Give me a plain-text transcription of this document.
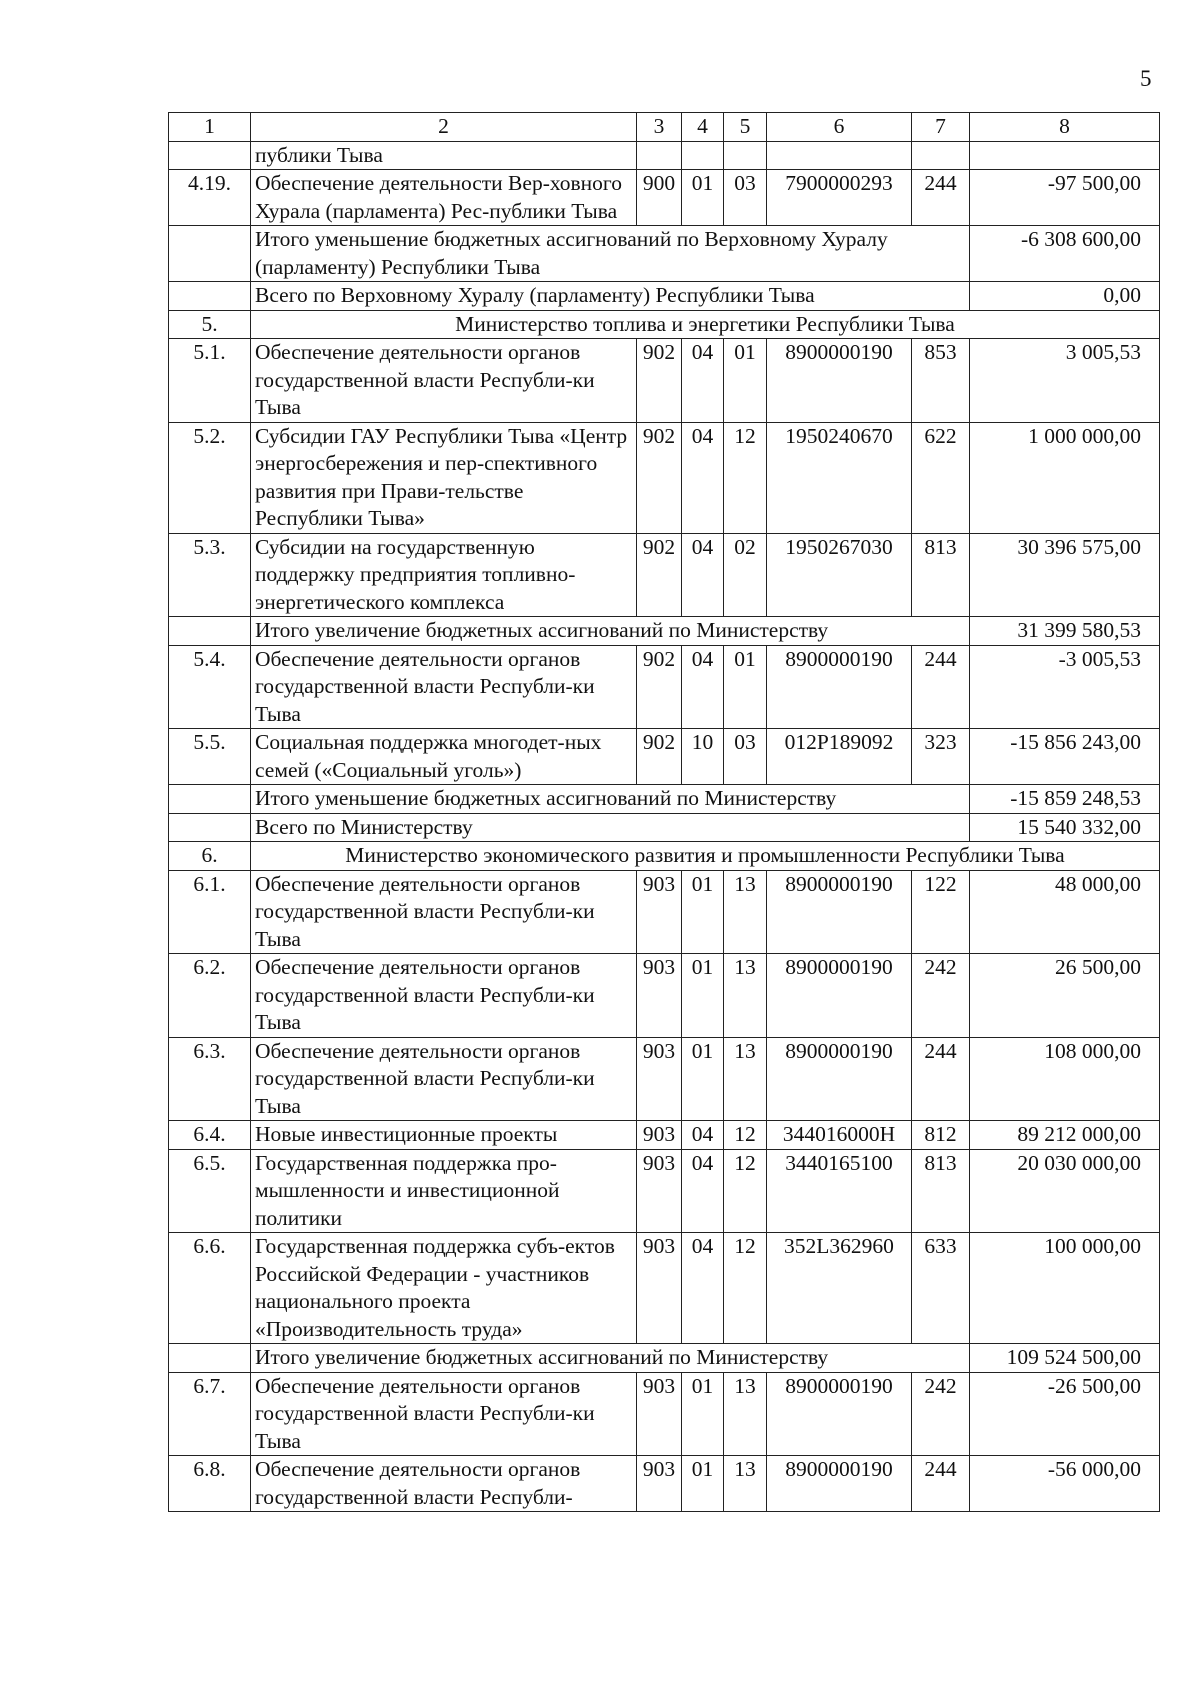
5
1	2	3	4	5	6	7	8
	публики Тыва						
4.19.	Обеспечение деятельности Вер-ховного Хурала (парламента) Рес-публики Тыва	900	01	03	7900000293	244	-97 500,00
	Итого уменьшение бюджетных ассигнований по Верховному Хуралу (парламенту) Республики Тыва						-6 308 600,00
	Всего по Верховному Хуралу (парламенту) Республики Тыва						0,00
5.	Министерство топлива и энергетики Республики Тыва						
5.1.	Обеспечение деятельности органов государственной власти Республи-ки Тыва	902	04	01	8900000190	853	3 005,53
5.2.	Субсидии ГАУ Республики Тыва «Центр энергосбережения и пер-спективного развития при Прави-тельстве Республики Тыва»	902	04	12	1950240670	622	1 000 000,00
5.3.	Субсидии на государственную поддержку предприятия топливно-энергетического комплекса	902	04	02	1950267030	813	30 396 575,00
	Итого увеличение бюджетных ассигнований по Министерству						31 399 580,53
5.4.	Обеспечение деятельности органов государственной власти Республи-ки Тыва	902	04	01	8900000190	244	-3 005,53
5.5.	Социальная поддержка многодет-ных семей («Социальный уголь»)	902	10	03	012P189092	323	-15 856 243,00
	Итого уменьшение бюджетных ассигнований по Министерству						-15 859 248,53
	Всего по Министерству						15 540 332,00
6.	Министерство экономического развития и промышленности Республики Тыва						
6.1.	Обеспечение деятельности органов государственной власти Республи-ки Тыва	903	01	13	8900000190	122	48 000,00
6.2.	Обеспечение деятельности органов государственной власти Республи-ки Тыва	903	01	13	8900000190	242	26 500,00
6.3.	Обеспечение деятельности органов государственной власти Республи-ки Тыва	903	01	13	8900000190	244	108 000,00
6.4.	Новые инвестиционные проекты	903	04	12	344016000H	812	89 212 000,00
6.5.	Государственная поддержка про-мышленности и инвестиционной политики	903	04	12	3440165100	813	20 030 000,00
6.6.	Государственная поддержка субъ-ектов Российской Федерации - участников национального проекта «Производительность труда»	903	04	12	352L362960	633	100 000,00
	Итого увеличение бюджетных ассигнований по Министерству						109 524 500,00
6.7.	Обеспечение деятельности органов государственной власти Республи-ки Тыва	903	01	13	8900000190	242	-26 500,00
6.8.	Обеспечение деятельности органов государственной власти Республи-	903	01	13	8900000190	244	-56 000,00
